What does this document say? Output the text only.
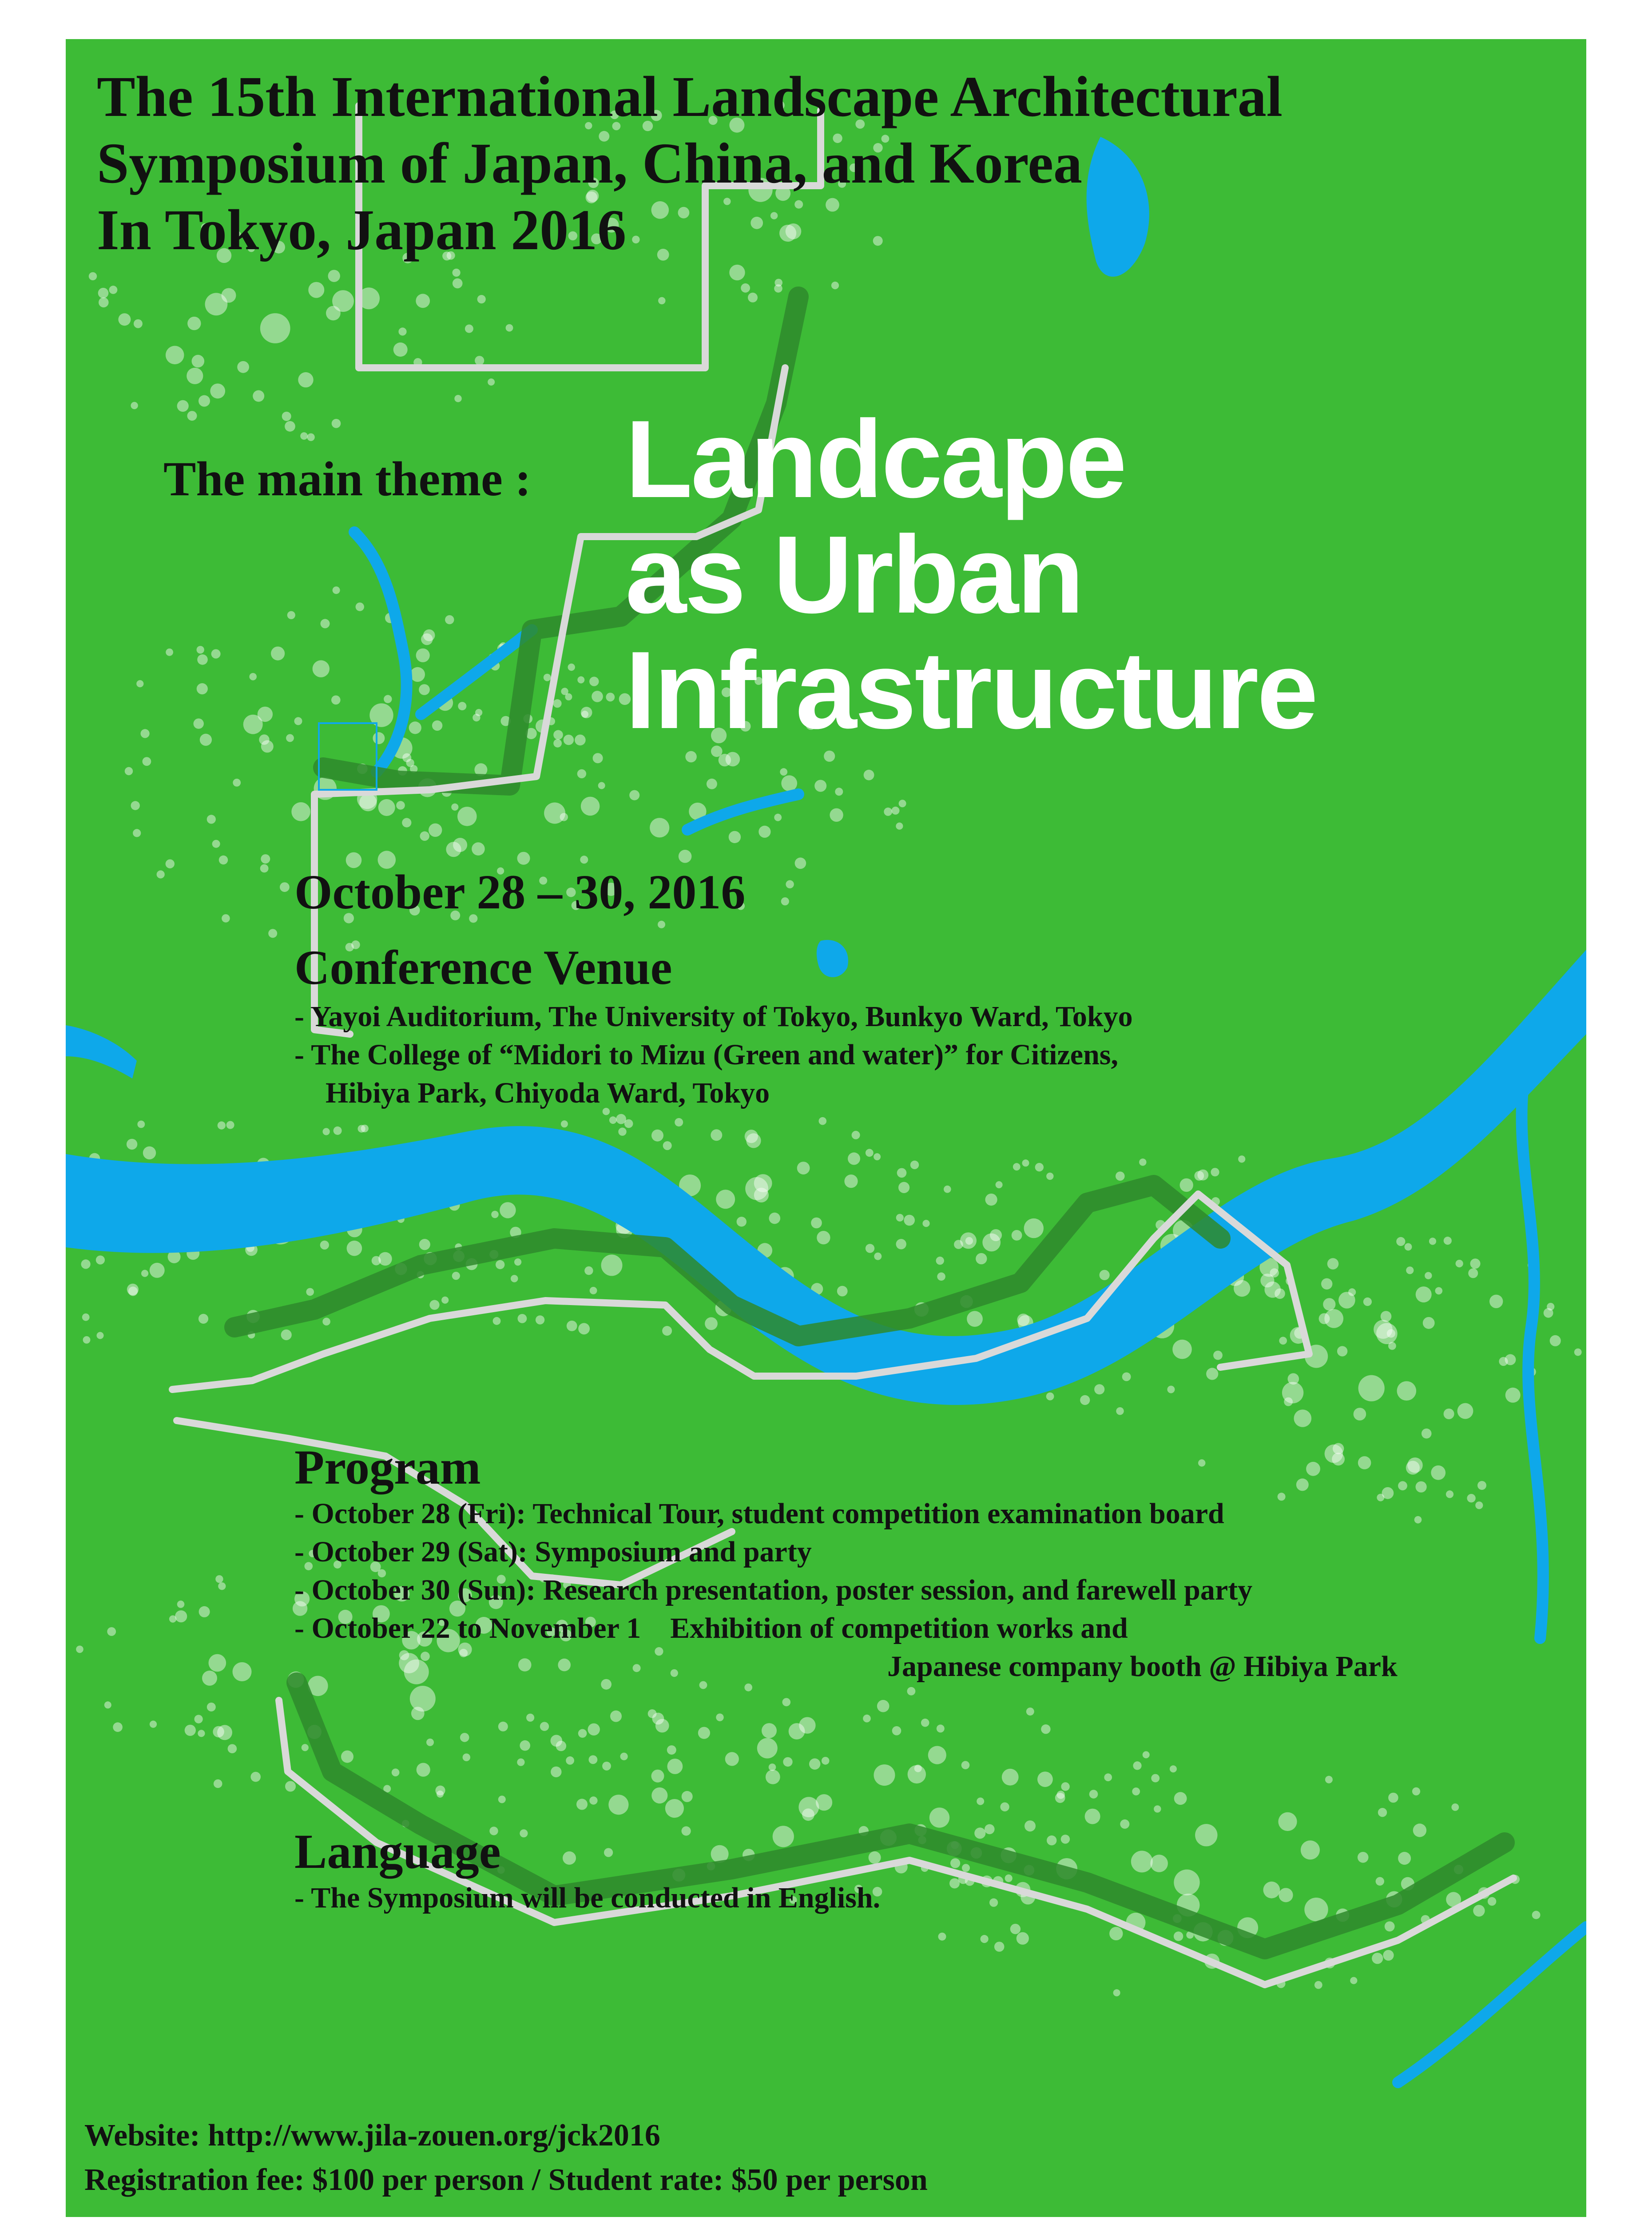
The 15th International Landscape Architectural
Symposium of Japan, China, and Korea
In Tokyo, Japan 2016
The main theme : Landcape
as Urban
Infrastructure
October 28 – 30, 2016
Conference Venue
- Yayoi Auditorium, The University of Tokyo, Bunkyo Ward, Tokyo
- The College of “Midori to Mizu (Green and water)” for Citizens,
Hibiya Park, Chiyoda Ward, Tokyo
Program
- October 28 (Fri): Technical Tour, student competition examination board
- October 29 (Sat): Symposium and party
- October 30 (Sun): Research presentation, poster session, and farewell party
- October 22 to November 1    Exhibition of competition works and
Japanese company booth @ Hibiya Park
Language
- The Symposium will be conducted in English.
Website: http://www.jila-zouen.org/jck2016
Registration fee: $100 per person / Student rate: $50 per person
